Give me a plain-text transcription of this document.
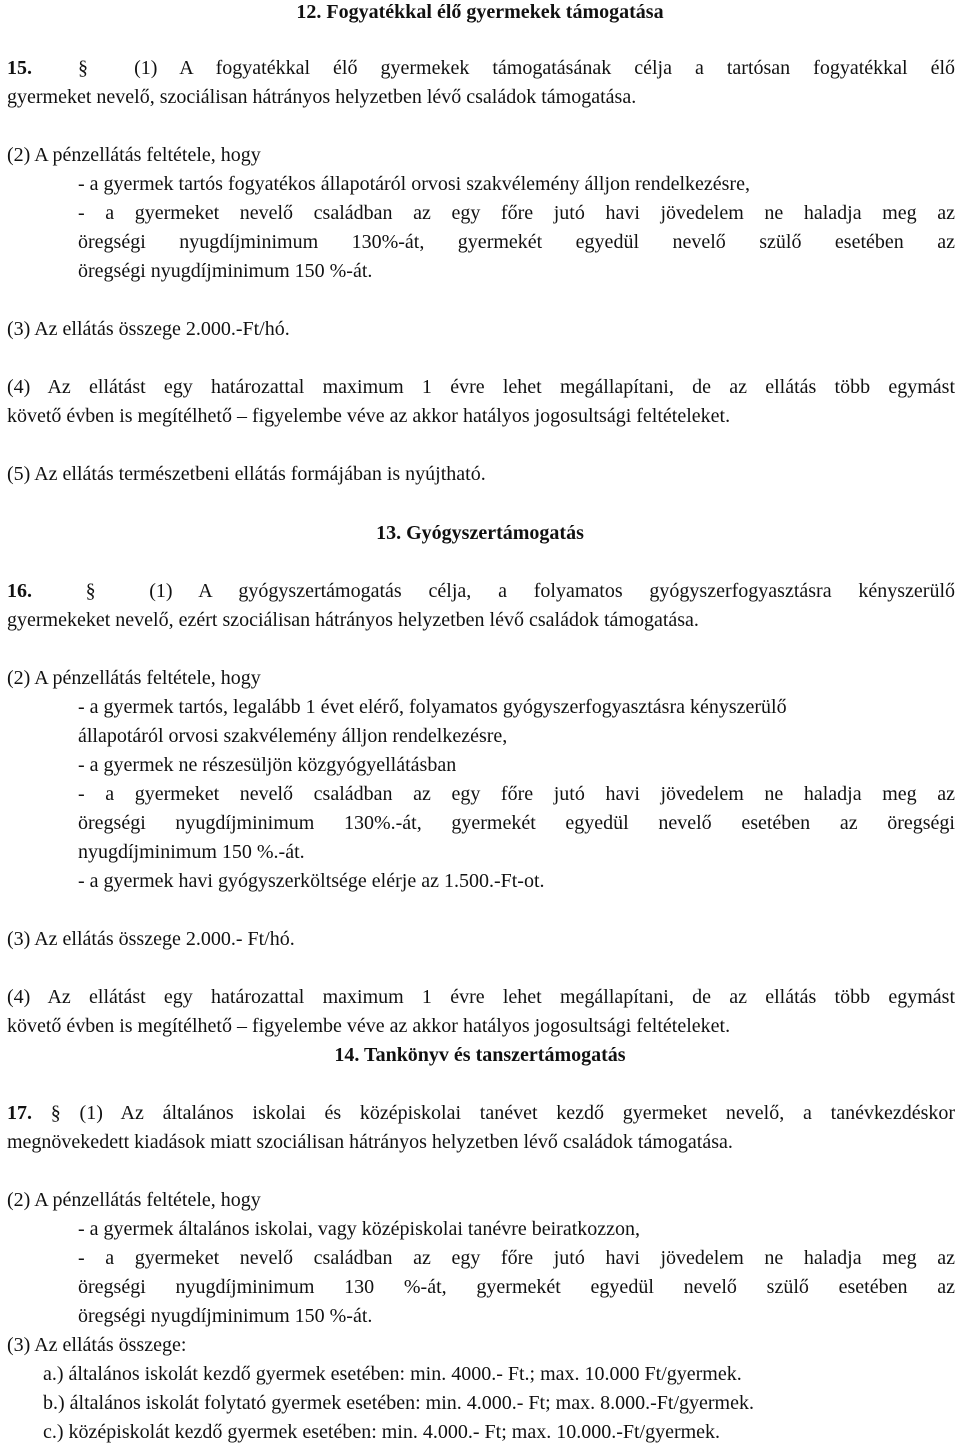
12. Fogyatékkal élő gyermekek támogatása
15. § (1) A fogyatékkal élő gyermekek támogatásának célja a tartósan fogyatékkal élő
gyermeket nevelő, szociálisan hátrányos helyzetben lévő családok támogatása.
(2) A pénzellátás feltétele, hogy
- a gyermek tartós fogyatékos állapotáról orvosi szakvélemény álljon rendelkezésre,
- a gyermeket nevelő családban az egy főre jutó havi jövedelem ne haladja meg az
öregségi nyugdíjminimum 130%-át, gyermekét egyedül nevelő szülő esetében az
öregségi nyugdíjminimum 150 %-át.
(3) Az ellátás összege 2.000.-Ft/hó.
(4) Az ellátást egy határozattal maximum 1 évre lehet megállapítani, de az ellátás több egymást
követő évben is megítélhető – figyelembe véve az akkor hatályos jogosultsági feltételeket.
(5) Az ellátás természetbeni ellátás formájában is nyújtható.
13. Gyógyszertámogatás
16.	§	(1) A gyógyszertámogatás célja, a folyamatos gyógyszerfogyasztásra kényszerülő
gyermekeket nevelő, ezért szociálisan hátrányos helyzetben lévő családok támogatása.
(2) A pénzellátás feltétele, hogy
- a gyermek tartós, legalább 1 évet elérő, folyamatos gyógyszerfogyasztásra kényszerülő
állapotáról orvosi szakvélemény álljon rendelkezésre,
- a gyermek ne részesüljön közgyógyellátásban
- a gyermeket nevelő családban az egy főre jutó havi jövedelem ne haladja meg az
öregségi nyugdíjminimum 130%.-át, gyermekét egyedül nevelő esetében az öregségi
nyugdíjminimum 150 %.-át.
- a gyermek havi gyógyszerköltsége elérje az 1.500.-Ft-ot.
(3) Az ellátás összege 2.000.- Ft/hó.
(4) Az ellátást egy határozattal maximum 1 évre lehet megállapítani, de az ellátás több egymást
követő évben is megítélhető – figyelembe véve az akkor hatályos jogosultsági feltételeket.
14. Tankönyv és tanszertámogatás
17. § (1) Az általános iskolai és középiskolai tanévet kezdő gyermeket nevelő, a tanévkezdéskor
megnövekedett kiadások miatt szociálisan hátrányos helyzetben lévő családok támogatása.
(2) A pénzellátás feltétele, hogy
- a gyermek általános iskolai, vagy középiskolai tanévre beiratkozzon,
- a gyermeket nevelő családban az egy főre jutó havi jövedelem ne haladja meg az
öregségi nyugdíjminimum 130 %-át, gyermekét egyedül nevelő szülő esetében az
öregségi nyugdíjminimum 150 %-át.
(3) Az ellátás összege:
a.) általános iskolát kezdő gyermek esetében: min. 4000.- Ft.; max. 10.000 Ft/gyermek.
b.) általános iskolát folytató gyermek esetében: min. 4.000.- Ft; max. 8.000.-Ft/gyermek.
c.) középiskolát kezdő gyermek esetében: min. 4.000.- Ft; max. 10.000.-Ft/gyermek.
